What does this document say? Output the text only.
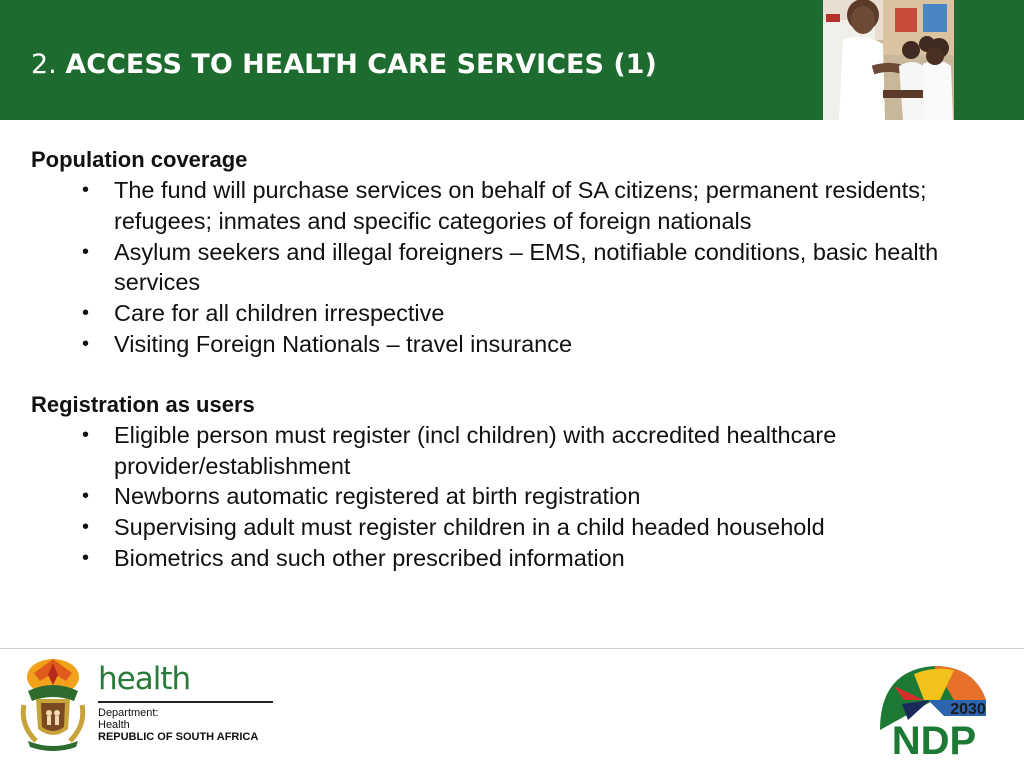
2. ACCESS TO HEALTH CARE SERVICES (1)
Population coverage
• The fund will purchase services on behalf of SA citizens; permanent residents; refugees; inmates and specific categories of foreign nationals
• Asylum seekers and illegal foreigners – EMS, notifiable conditions, basic health services
• Care for all children irrespective
• Visiting Foreign Nationals – travel insurance
Registration as users
• Eligible person must register (incl children) with accredited healthcare provider/establishment
• Newborns automatic registered at birth registration
• Supervising adult must register children in a child headed household
• Biometrics and such other prescribed information
health
Department:
Health
REPUBLIC OF SOUTH AFRICA
2030
NDP
